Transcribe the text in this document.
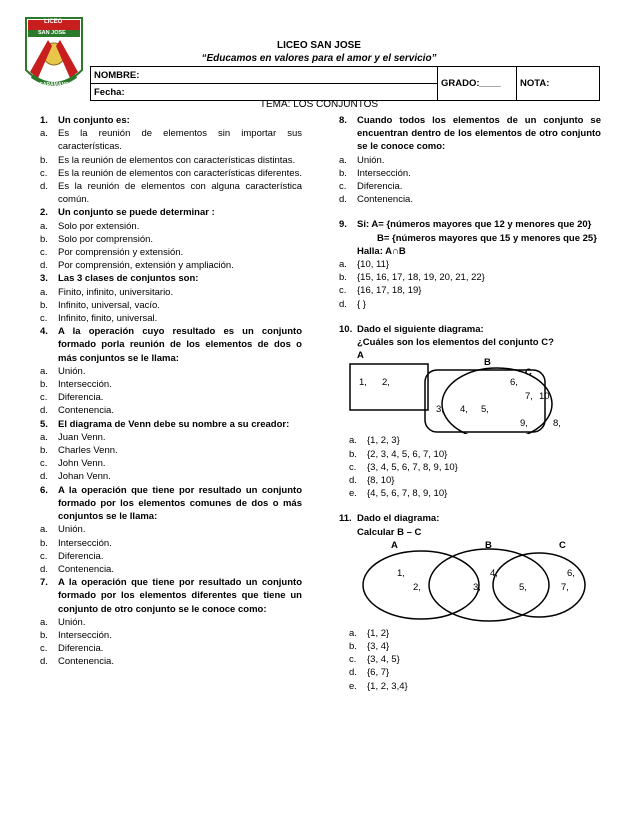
LICEO
SAN JOSE
BUCARAMANGA
LICEO SAN JOSE
“Educamos en valores para el amor y el servicio”
NOMBRE:	GRADO:____	NOTA:
Fecha:
TEMA: LOS CONJUNTOS
1.	Un conjunto es:
a.	Es la reunión de elementos sin importar sus características.
b.	Es la reunión de elementos con características distintas.
c.	Es la reunión de elementos con características diferentes.
d.	Es la reunión de elementos con alguna característica común.
2.	Un conjunto se puede determinar :
a.	Solo por extensión.
b.	Solo por comprensión.
c.	Por comprensión y extensión.
d.	Por comprensión, extensión y ampliación.
3.	Las 3 clases de conjuntos son:
a.	Finito, infinito, universitario.
b.	Infinito, universal, vacío.
c.	Infinito, finito, universal.
4.	A la operación cuyo resultado es un conjunto formado porla reunión de los elementos de dos o más conjuntos se le llama:
a.	Unión.
b.	Intersección.
c.	Diferencia.
d.	Contenencia.
5.	El diagrama de Venn debe su nombre a su creador:
a.	Juan Venn.
b.	Charles Venn.
c.	John Venn.
d.	Johan Venn.
6.	A la operación que tiene por resultado un conjunto formado por los elementos comunes de dos o más conjuntos se le llama:
a.	Unión.
b.	Intersección.
c.	Diferencia.
d.	Contenencia.
7.	A la operación que tiene por resultado un conjunto formado por los elementos diferentes que tiene un conjunto de otro conjunto se le conoce como:
a.	Unión.
b.	Intersección.
c.	Diferencia.
d.	Contenencia.
8.	Cuando todos los elementos de un conjunto se encuentran dentro de los elementos de otro conjunto se le conoce como:
a.	Unión.
b.	Intersección.
c.	Diferencia.
d.	Contenencia.
9.	Si: A= {números mayores que 12 y menores que 20}
B= {números mayores que 15 y menores que 25}
Halla: A∩B
a.	{10, 11}
b.	{15, 16, 17, 18, 19, 20, 21, 22}
c.	{16, 17, 18, 19}
d.	{ }
10. Dado el siguiente diagrama:
¿Cuáles son los elementos del conjunto C?
A
B
C
1, 2,	6,
7, 10,
3, 4, 5,
9,	8,
a.	{1, 2, 3}
b.	{2, 3, 4, 5, 6, 7, 10}
c.	{3, 4, 5, 6, 7, 8, 9, 10}
d.	{8, 10}
e.	{4, 5, 6, 7, 8, 9, 10}
11. Dado el diagrama:
Calcular B – C
A	B	C
1,
2,	3,
4,
5,
6,
7,
a.	{1, 2}
b.	{3, 4}
c.	{3, 4, 5}
d.	{6, 7}
e.	{1, 2, 3,4}
